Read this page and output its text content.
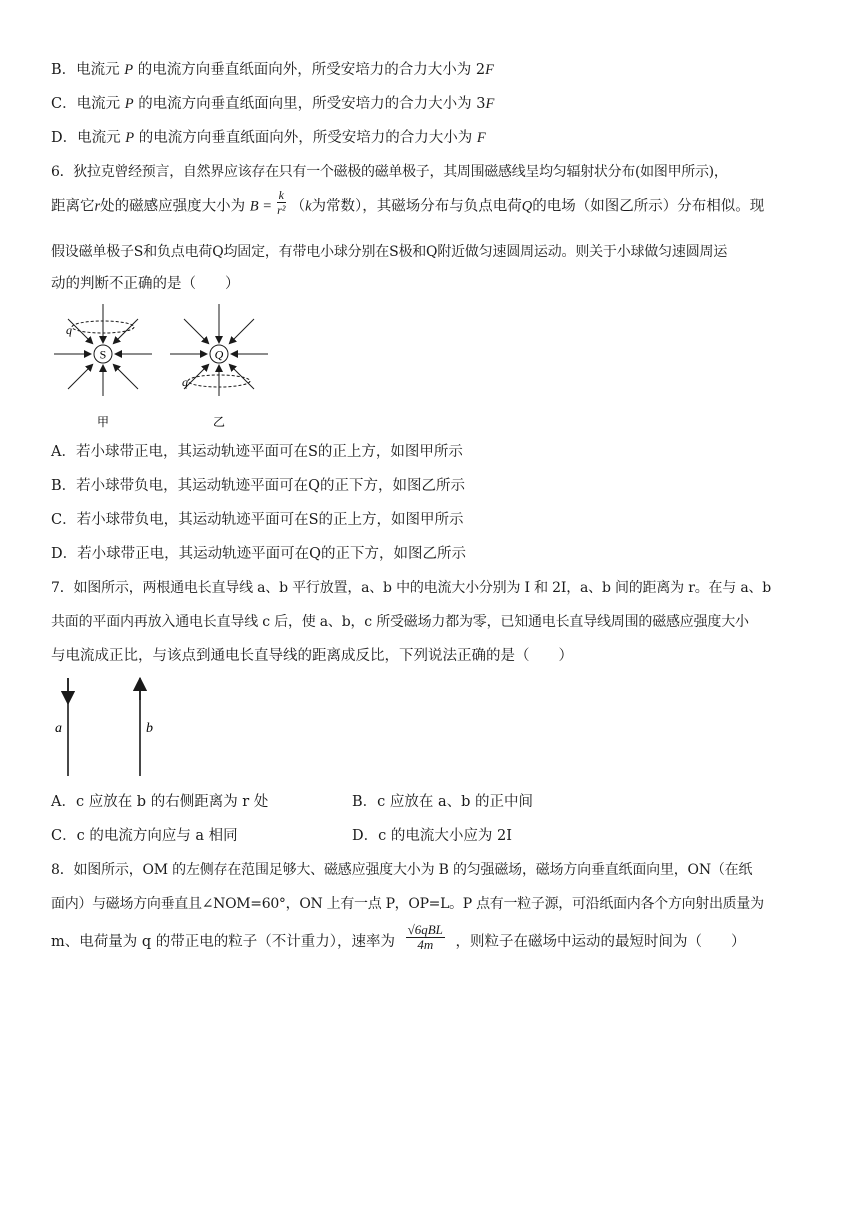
B．电流元 P 的电流方向垂直纸面向外，所受安培力的合力大小为 2F
C．电流元 P 的电流方向垂直纸面向里，所受安培力的合力大小为 3F
D．电流元 P 的电流方向垂直纸面向外，所受安培力的合力大小为 F
6．狄拉克曾经预言，自然界应该存在只有一个磁极的磁单极子，其周围磁感线呈均匀辐射状分布(如图甲所示)，
距离它r处的磁感应强度大小为 $B = \frac{k}{\text{r²}} (k$为常数），其磁场分布与负点电荷Q的电场（如图乙所示）分布相似。现
假设磁单极子S和负点电荷Q均固定，有带电小球分别在S极和Q附近做匀速圆周运动。则关于小球做匀速圆周运
动的判断不正确的是（　　）
S
q
甲
Q
q
乙
A．若小球带正电，其运动轨迹平面可在S的正上方，如图甲所示
B．若小球带负电，其运动轨迹平面可在Q的正下方，如图乙所示
C．若小球带负电，其运动轨迹平面可在S的正上方，如图甲所示
D．若小球带正电，其运动轨迹平面可在Q的正下方，如图乙所示
7．如图所示，两根通电长直导线 a、b 平行放置，a、b 中的电流大小分别为 I 和 2I，a、b 间的距离为 r。在与 a、b
共面的平面内再放入通电长直导线 c 后，使 a、b，c 所受磁场力都为零，已知通电长直导线周围的磁感应强度大小
与电流成正比，与该点到通电长直导线的距离成反比，下列说法正确的是（　　）
a	b
A．c 应放在 b 的右侧距离为 r 处	B．c 应放在 a、b 的正中间
C．c 的电流方向应与 a 相同	D．c 的电流大小应为 2I
8．如图所示，OM 的左侧存在范围足够大、磁感应强度大小为 B 的匀强磁场，磁场方向垂直纸面向里，ON（在纸
面内）与磁场方向垂直且∠NOM=60°，ON 上有一点 P，OP=L。P 点有一粒子源，可沿纸面内各个方向射出质量为
m、电荷量为 q 的带正电的粒子（不计重力），速率为 $\frac{\text{√6qBL}}{4m}$ ，则粒子在磁场中运动的最短时间为（　　）
